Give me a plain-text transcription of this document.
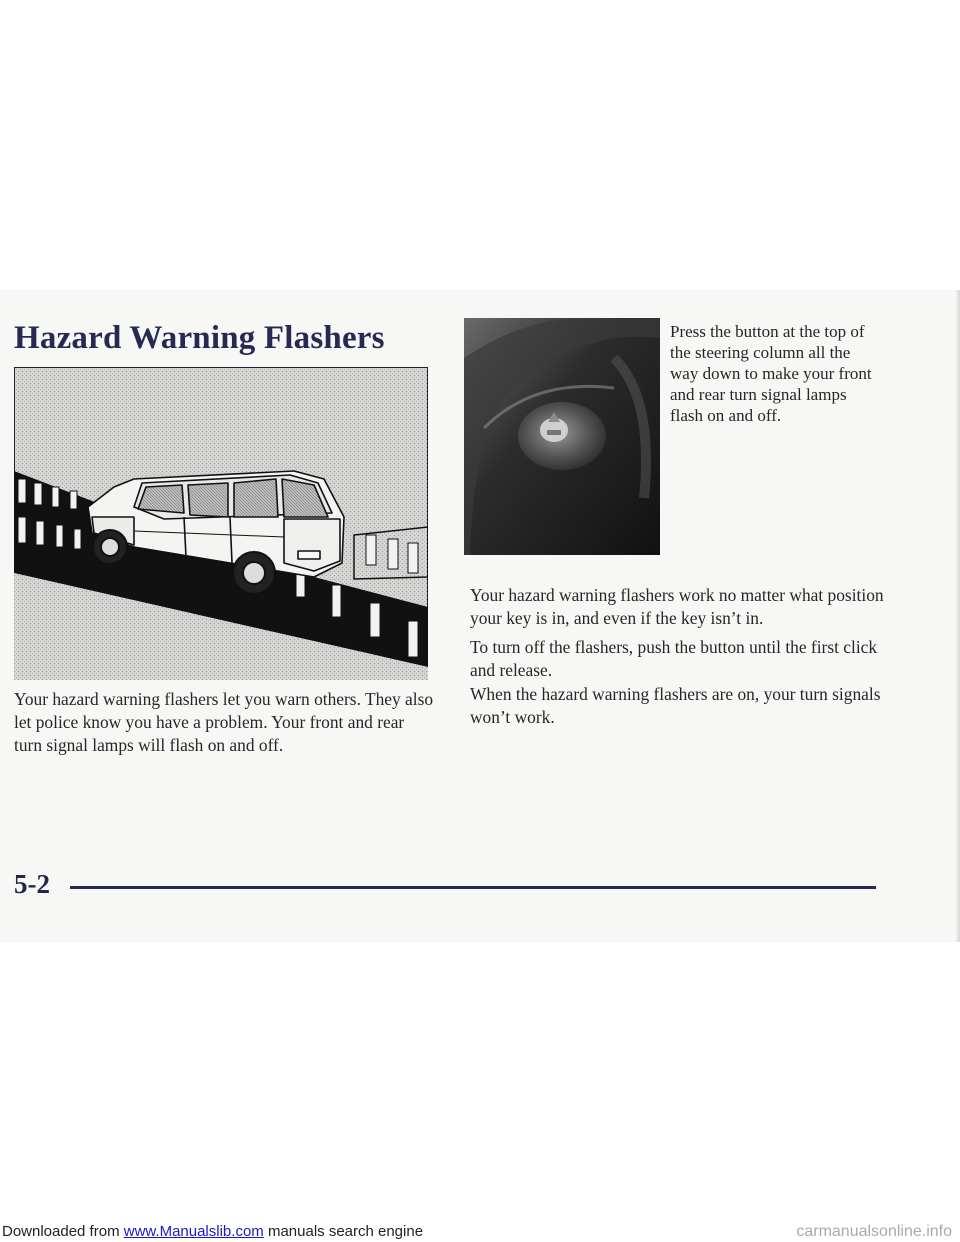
Hazard Warning Flashers	Press the button at the top of the steering column all the way down to make your front and rear turn signal lamps flash on and off.

Your hazard warning flashers let you warn others. They also let police know you have a problem. Your front and rear turn signal lamps will flash on and off.

Your hazard warning flashers work no matter what position your key is in, and even if the key isn’t in.

To turn off the flashers, push the button until the first click and release.

When the hazard warning flashers are on, your turn signals won’t work.

5-2

Downloaded from www.Manualslib.com manuals search engine	carmanualsonline.info
